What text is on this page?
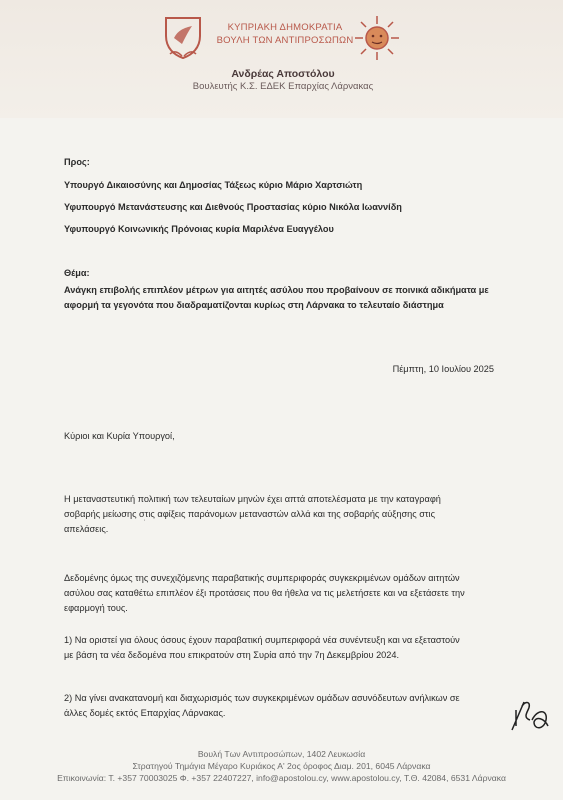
ΚΥΠΡΙΑΚΗ ΔΗΜΟΚΡΑΤΙΑ
ΒΟΥΛΗ ΤΩΝ ΑΝΤΙΠΡΟΣΩΠΩΝ
Ανδρέας Αποστόλου
Βουλευτής Κ.Σ. ΕΔΕΚ Επαρχίας Λάρνακας
Προς:
Υπουργό Δικαιοσύνης και Δημοσίας Τάξεως κύριο Μάριο Χαρτσιώτη
Υφυπουργό Μετανάστευσης και Διεθνούς Προστασίας κύριο Νικόλα Ιωαννίδη
Υφυπουργό Κοινωνικής Πρόνοιας κυρία Μαριλένα Ευαγγέλου
Θέμα:
Ανάγκη επιβολής επιπλέον μέτρων για αιτητές ασύλου που προβαίνουν σε ποινικά αδικήματα με
αφορμή τα γεγονότα που διαδραματίζονται κυρίως στη Λάρνακα το τελευταίο διάστημα
Πέμπτη, 10 Ιουλίου 2025
Κύριοι και Κυρία Υπουργοί,
Η μεταναστευτική πολιτική των τελευταίων μηνών έχει απτά αποτελέσματα με την καταγραφή
σοβαρής μείωσης στις αφίξεις παράνομων μεταναστών αλλά και της σοβαρής αύξησης στις
απελάσεις.
'
Δεδομένης όμως της συνεχιζόμενης παραβατικής συμπεριφοράς συγκεκριμένων ομάδων αιτητών
ασύλου σας καταθέτω επιπλέον έξι προτάσεις που θα ήθελα να τις μελετήσετε και να εξετάσετε την
εφαρμογή τους.
1) Να οριστεί για όλους όσους έχουν παραβατική συμπεριφορά νέα συνέντευξη και να εξεταστούν
με βάση τα νέα δεδομένα που επικρατούν στη Συρία από την 7η Δεκεμβρίου 2024.
2) Να γίνει ανακατανομή και διαχωρισμός των συγκεκριμένων ομάδων ασυνόδευτων ανήλικων σε
άλλες δομές εκτός Επαρχίας Λάρνακας.
Βουλή Των Αντιπροσώπων, 1402 Λευκωσία
Στρατηγού Τημάγια Μέγαρο Κυριάκος Α' 2ος όροφος Διαμ. 201, 6045 Λάρνακα
Επικοινωνία: Τ. +357 70003025 Φ. +357 22407227, info@apostolou.cy, www.apostolou.cy, Τ.Θ. 42084, 6531 Λάρνακα
